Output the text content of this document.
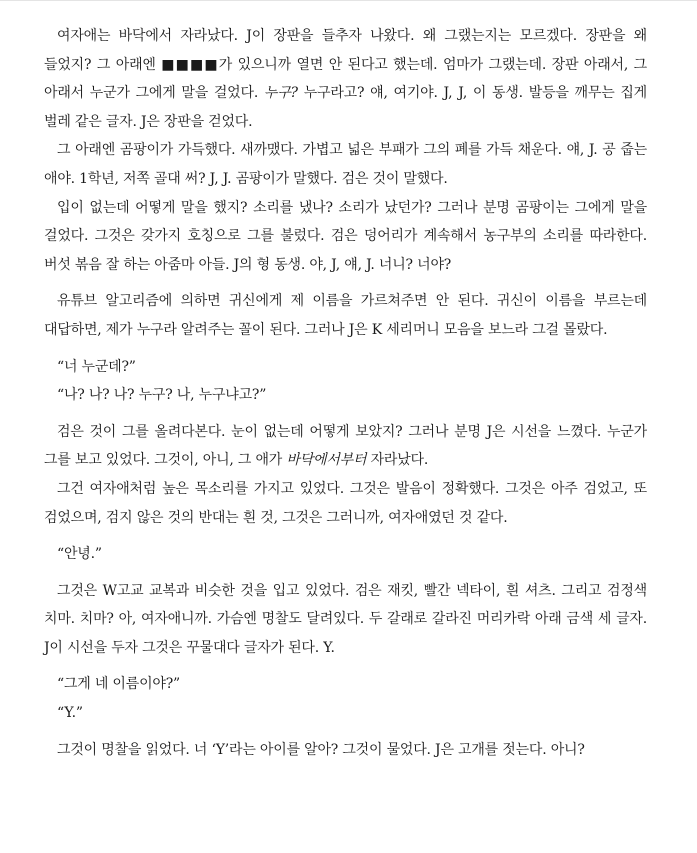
여자애는 바닥에서 자라났다. J이 장판을 들추자 나왔다. 왜 그랬는지는 모르겠다. 장판을 왜 들었지? 그 아래엔 ■■■■가 있으니까 열면 안 된다고 했는데. 엄마가 그랬는데. 장판 아래서, 그 아래서 누군가 그에게 말을 걸었다. 누구? 누구라고? 얘, 여기야. J, J, 이 동생. 발등을 깨무는 집게 벌레 같은 글자. J은 장판을 걷었다.

그 아래엔 곰팡이가 가득했다. 새까맸다. 가볍고 넓은 부패가 그의 폐를 가득 채운다. 얘, J. 공 줍는 애야. 1학년, 저쪽 골대 써? J, J. 곰팡이가 말했다. 검은 것이 말했다.

입이 없는데 어떻게 말을 했지? 소리를 냈나? 소리가 났던가? 그러나 분명 곰팡이는 그에게 말을 걸었다. 그것은 갖가지 호칭으로 그를 불렀다. 검은 덩어리가 계속해서 농구부의 소리를 따라한다. 버섯 볶음 잘 하는 아줌마 아들. J의 형 동생. 야, J, 얘, J. 너니? 너야?

유튜브 알고리즘에 의하면 귀신에게 제 이름을 가르쳐주면 안 된다. 귀신이 이름을 부르는데 대답하면, 제가 누구라 알려주는 꼴이 된다. 그러나 J은 K 세리머니 모음을 보느라 그걸 몰랐다.

“너 누군데?”

“나? 나? 나? 누구? 나, 누구냐고?”

검은 것이 그를 올려다본다. 눈이 없는데 어떻게 보았지? 그러나 분명 J은 시선을 느꼈다. 누군가 그를 보고 있었다. 그것이, 아니, 그 애가 바닥에서부터 자라났다.

그건 여자애처럼 높은 목소리를 가지고 있었다. 그것은 발음이 정확했다. 그것은 아주 검었고, 또 검었으며, 검지 않은 것의 반대는 흰 것, 그것은 그러니까, 여자애였던 것 같다.

“안녕.”

그것은 W고교 교복과 비슷한 것을 입고 있었다. 검은 재킷, 빨간 넥타이, 흰 셔츠. 그리고 검정색 치마. 치마? 아, 여자애니까. 가슴엔 명찰도 달려있다. 두 갈래로 갈라진 머리카락 아래 금색 세 글자. J이 시선을 두자 그것은 꾸물대다 글자가 된다. Y.

“그게 네 이름이야?”

“Y.”

그것이 명찰을 읽었다. 너 ‘Y’라는 아이를 알아? 그것이 물었다. J은 고개를 젓는다. 아니?
